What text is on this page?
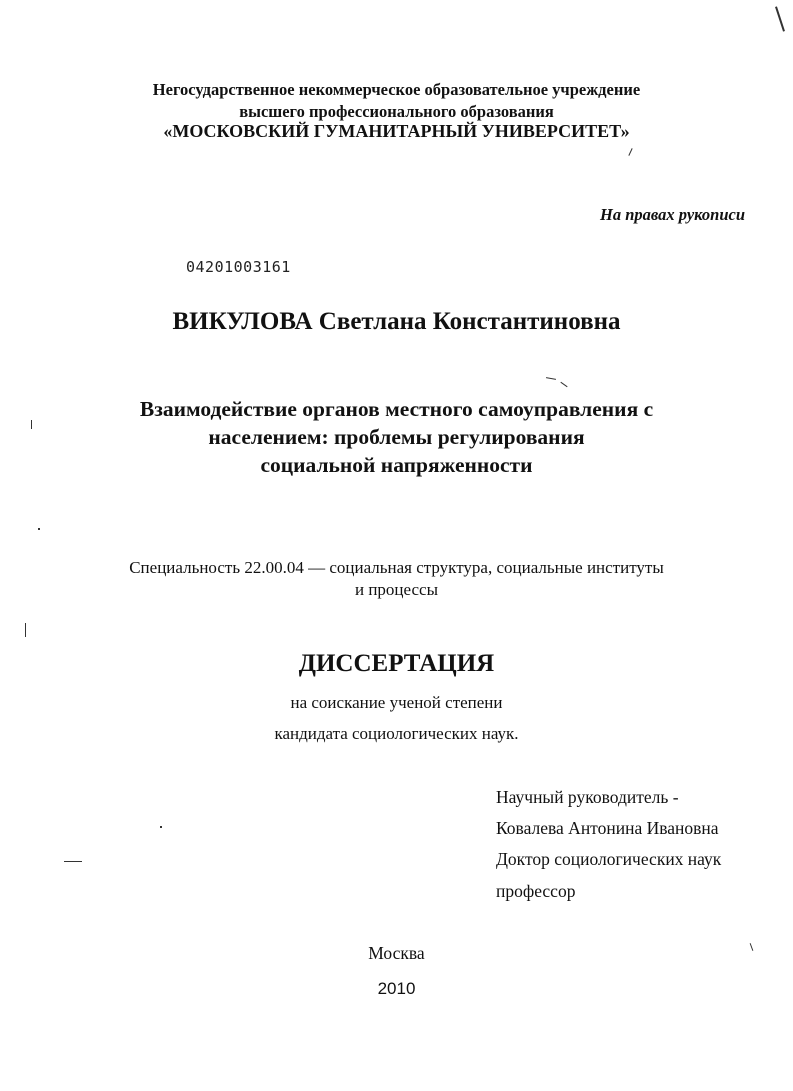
Негосударственное некоммерческое образовательное учреждение
высшего профессионального образования
«МОСКОВСКИЙ ГУМАНИТАРНЫЙ УНИВЕРСИТЕТ»
На правах рукописи
04201003161
ВИКУЛОВА Светлана Константиновна
Взаимодействие органов местного самоуправления с
населением: проблемы регулирования
социальной напряженности
Специальность 22.00.04 — социальная структура, социальные институты
и процессы
ДИССЕРТАЦИЯ
на соискание ученой степени
кандидата социологических наук.
Научный руководитель -
Ковалева Антонина Ивановна
Доктор социологических наук
профессор
Москва
2010
